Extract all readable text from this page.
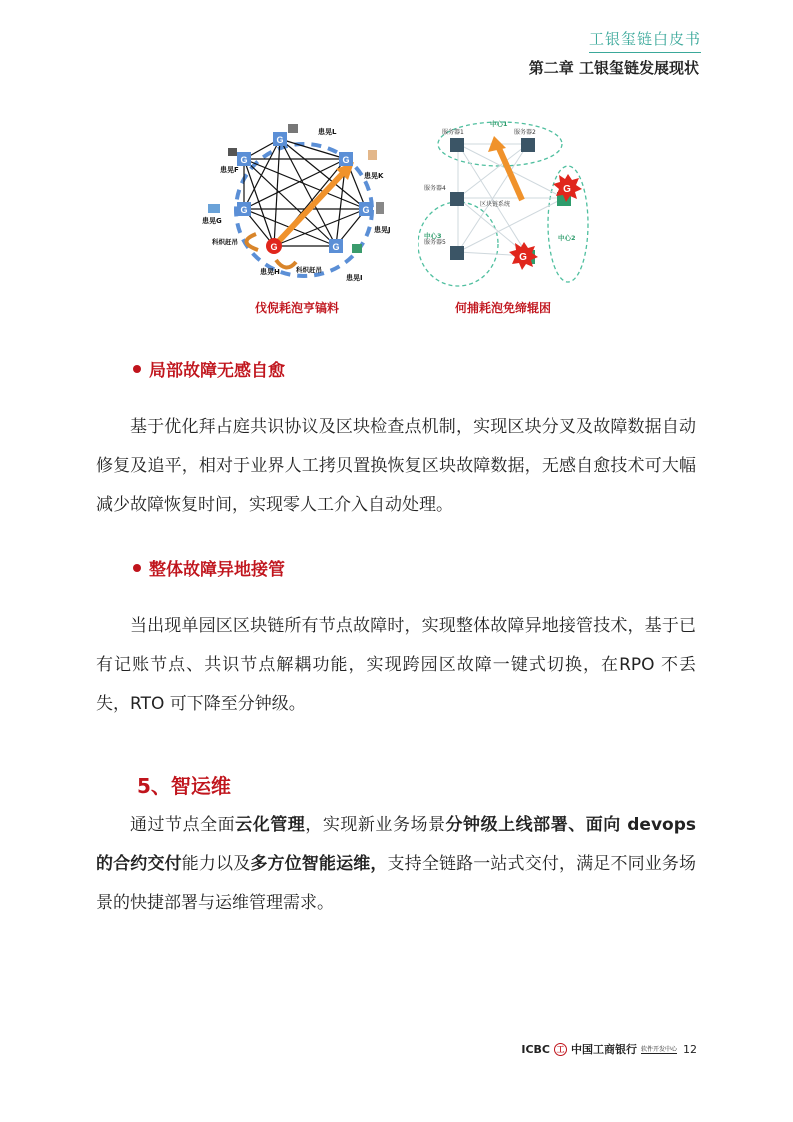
工银玺链白皮书
第二章 工银玺链发展现状
G
G	G
G	G
G
G
患晃L
患晃F
患晃K
患晃G
患晃J
患晃H
患晃I
科炽赶吊
科炽赶吊
伐倪耗泡亨镐料
G
G
服务器1	服务器2
服务器4
服务器5
区块链系统
中心1
中心2
中心3
何捕耗泡免缔辊困
局部故障无感自愈
基于优化拜占庭共识协议及区块检查点机制，实现区块分叉及故障数据自动修复及追平，相对于业界人工拷贝置换恢复区块故障数据，无感自愈技术可大幅减少故障恢复时间，实现零人工介入自动处理。
整体故障异地接管
当出现单园区区块链所有节点故障时，实现整体故障异地接管技术，基于已有记账节点、共识节点解耦功能，实现跨园区故障一键式切换，在RPO 不丢失，RTO 可下降至分钟级。
5、智运维
通过节点全面云化管理，实现新业务场景分钟级上线部署、面向 devops 的合约交付能力以及多方位智能运维，支持全链路一站式交付，满足不同业务场景的快捷部署与运维管理需求。
ICBC 工 中国工商银行 软件开发中心 12
